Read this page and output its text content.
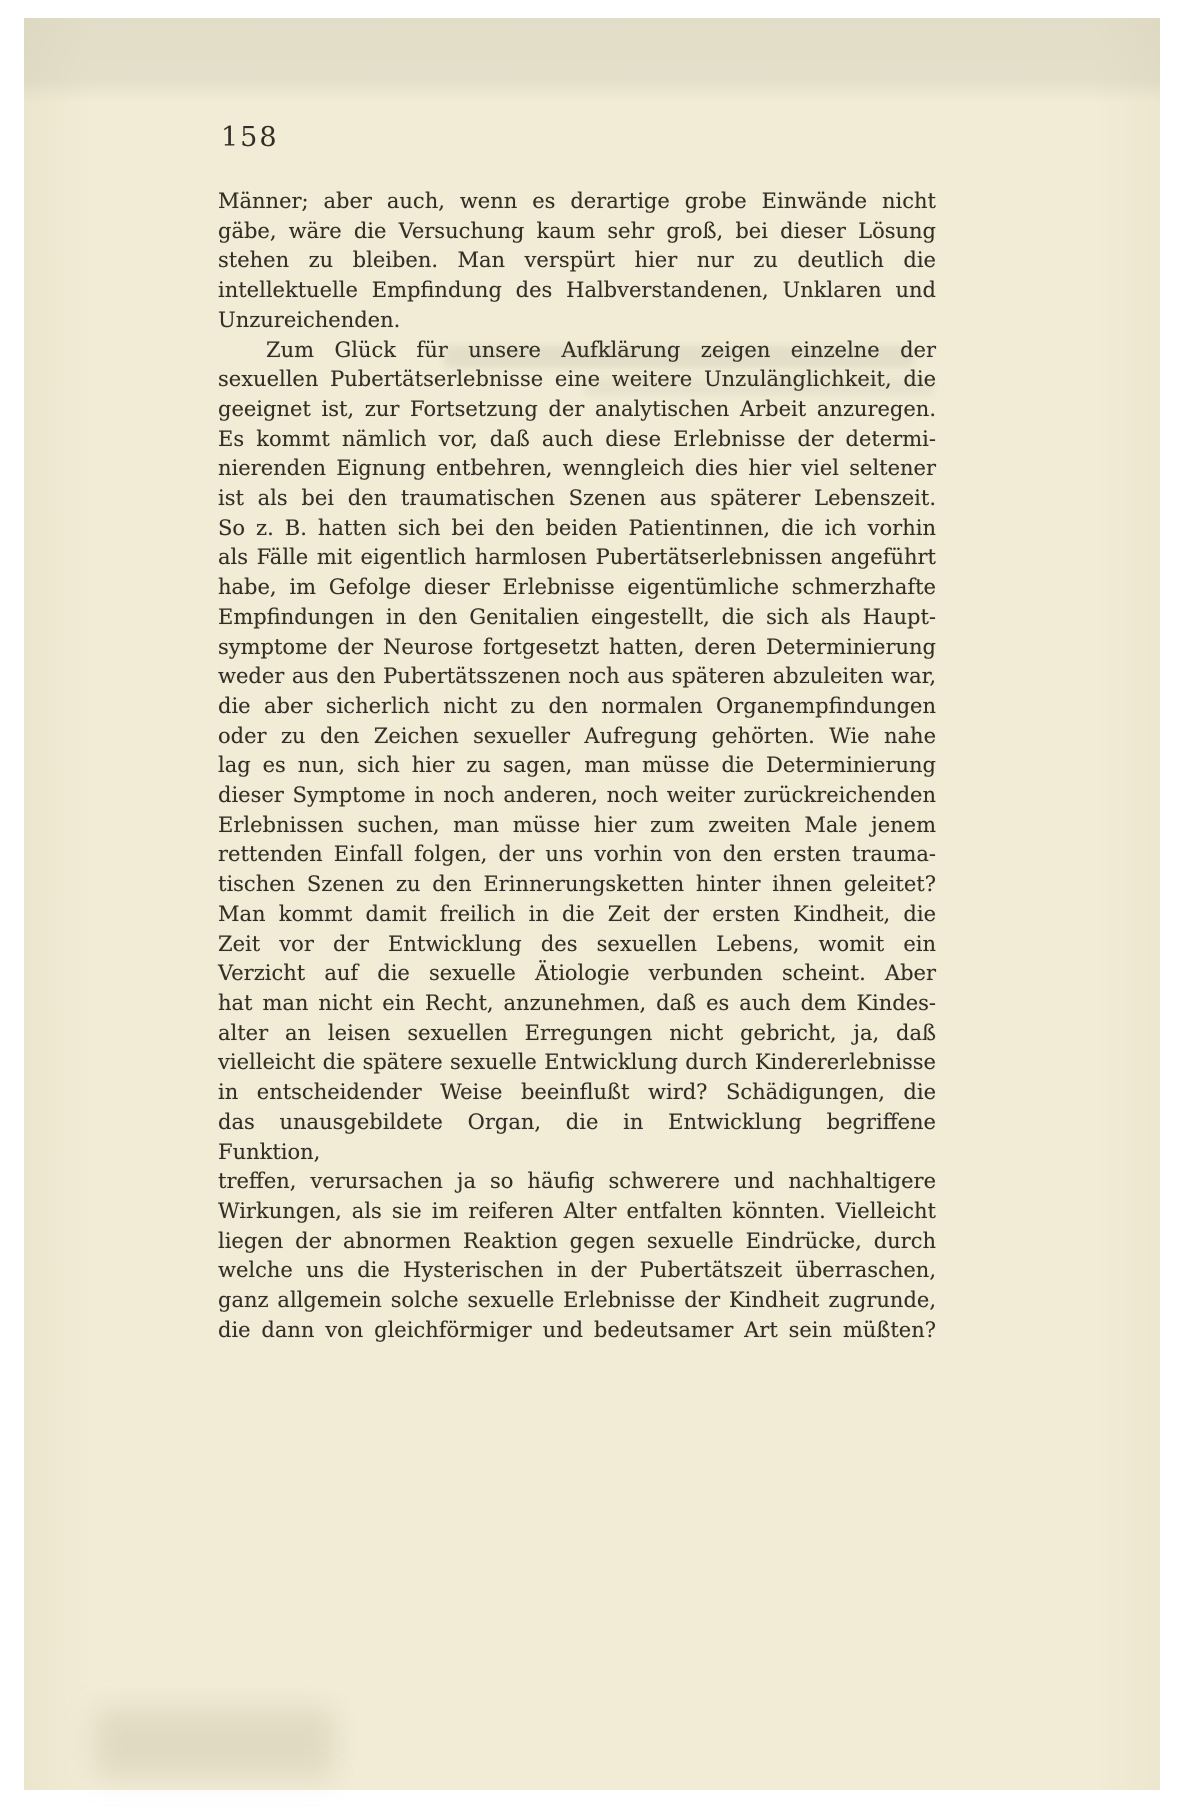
158
Männer; aber auch, wenn es derartige grobe Einwände nicht
gäbe, wäre die Versuchung kaum sehr groß, bei dieser Lösung
stehen zu bleiben. Man verspürt hier nur zu deutlich die
intellektuelle Empfindung des Halbverstandenen, Unklaren und
Unzureichenden.
Zum Glück für unsere Aufklärung zeigen einzelne der
sexuellen Pubertätserlebnisse eine weitere Unzulänglichkeit, die
geeignet ist, zur Fortsetzung der analytischen Arbeit anzuregen.
Es kommt nämlich vor, daß auch diese Erlebnisse der determi-
nierenden Eignung entbehren, wenngleich dies hier viel seltener
ist als bei den traumatischen Szenen aus späterer Lebenszeit.
So z. B. hatten sich bei den beiden Patientinnen, die ich vorhin
als Fälle mit eigentlich harmlosen Pubertätserlebnissen angeführt
habe, im Gefolge dieser Erlebnisse eigentümliche schmerzhafte
Empfindungen in den Genitalien eingestellt, die sich als Haupt-
symptome der Neurose fortgesetzt hatten, deren Determinierung
weder aus den Pubertätsszenen noch aus späteren abzuleiten war,
die aber sicherlich nicht zu den normalen Organempfindungen
oder zu den Zeichen sexueller Aufregung gehörten. Wie nahe
lag es nun, sich hier zu sagen, man müsse die Determinierung
dieser Symptome in noch anderen, noch weiter zurückreichenden
Erlebnissen suchen, man müsse hier zum zweiten Male jenem
rettenden Einfall folgen, der uns vorhin von den ersten trauma-
tischen Szenen zu den Erinnerungsketten hinter ihnen geleitet?
Man kommt damit freilich in die Zeit der ersten Kindheit, die
Zeit vor der Entwicklung des sexuellen Lebens, womit ein
Verzicht auf die sexuelle Ätiologie verbunden scheint. Aber
hat man nicht ein Recht, anzunehmen, daß es auch dem Kindes-
alter an leisen sexuellen Erregungen nicht gebricht, ja, daß
vielleicht die spätere sexuelle Entwicklung durch Kindererlebnisse
in entscheidender Weise beeinflußt wird? Schädigungen, die
das unausgebildete Organ, die in Entwicklung begriffene Funktion,
treffen, verursachen ja so häufig schwerere und nachhaltigere
Wirkungen, als sie im reiferen Alter entfalten könnten. Vielleicht
liegen der abnormen Reaktion gegen sexuelle Eindrücke, durch
welche uns die Hysterischen in der Pubertätszeit überraschen,
ganz allgemein solche sexuelle Erlebnisse der Kindheit zugrunde,
die dann von gleichförmiger und bedeutsamer Art sein müßten?
